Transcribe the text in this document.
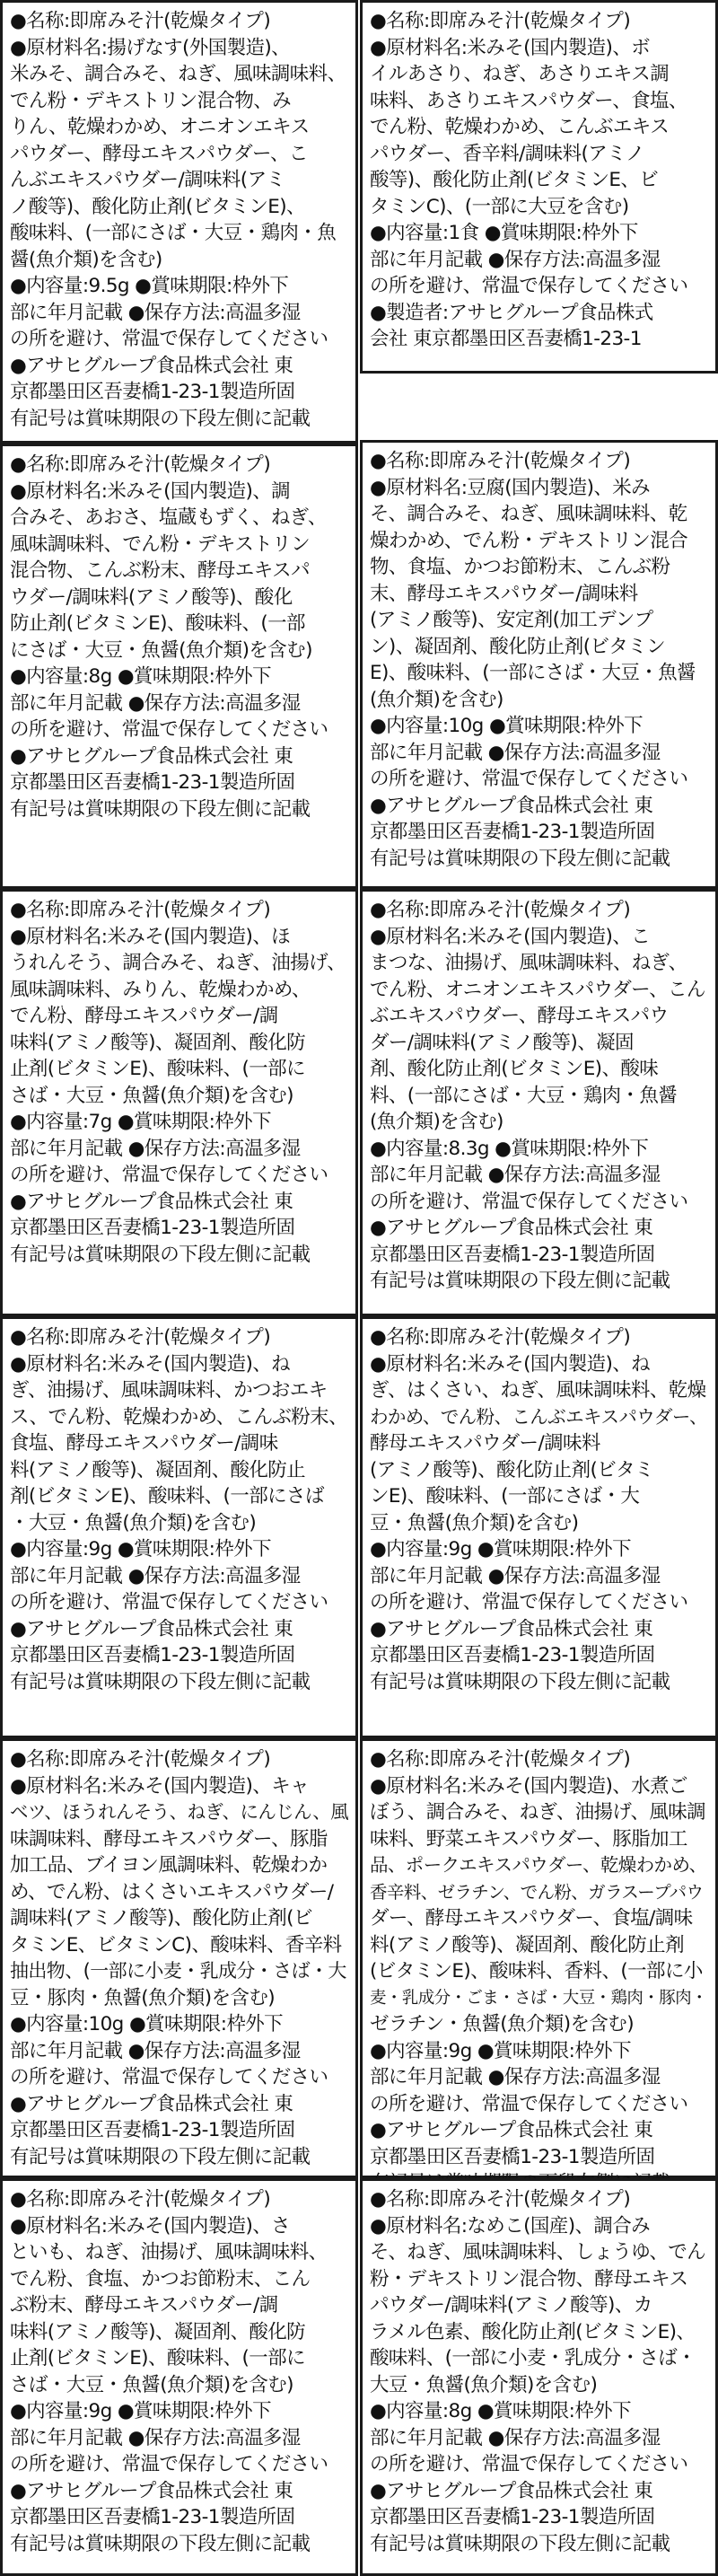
●名称:即席みそ汁(乾燥タイプ)
●原材料名:揚げなす(外国製造)、
米みそ、調合みそ、ねぎ、風味調味料、
でん粉・デキストリン混合物、み
りん、乾燥わかめ、オニオンエキス
パウダー、酵母エキスパウダー、こ
んぶエキスパウダー/調味料(アミ
ノ酸等)、酸化防止剤(ビタミンE)、
酸味料、(一部にさば・大豆・鶏肉・魚
醤(魚介類)を含む)
●内容量:9.5g ●賞味期限:枠外下
部に年月記載 ●保存方法:高温多湿
の所を避け、常温で保存してください
●アサヒグループ食品株式会社 東
京都墨田区吾妻橋1-23-1製造所固
有記号は賞味期限の下段左側に記載
●名称:即席みそ汁(乾燥タイプ)
●原材料名:米みそ(国内製造)、調
合みそ、あおさ、塩蔵もずく、ねぎ、
風味調味料、でん粉・デキストリン
混合物、こんぶ粉末、酵母エキスパ
ウダー/調味料(アミノ酸等)、酸化
防止剤(ビタミンE)、酸味料、(一部
にさば・大豆・魚醤(魚介類)を含む)
●内容量:8g ●賞味期限:枠外下
部に年月記載 ●保存方法:高温多湿
の所を避け、常温で保存してください
●アサヒグループ食品株式会社 東
京都墨田区吾妻橋1-23-1製造所固
有記号は賞味期限の下段左側に記載
●名称:即席みそ汁(乾燥タイプ)
●原材料名:米みそ(国内製造)、ほ
うれんそう、調合みそ、ねぎ、油揚げ、
風味調味料、みりん、乾燥わかめ、
でん粉、酵母エキスパウダー/調
味料(アミノ酸等)、凝固剤、酸化防
止剤(ビタミンE)、酸味料、(一部に
さば・大豆・魚醤(魚介類)を含む)
●内容量:7g ●賞味期限:枠外下
部に年月記載 ●保存方法:高温多湿
の所を避け、常温で保存してください
●アサヒグループ食品株式会社 東
京都墨田区吾妻橋1-23-1製造所固
有記号は賞味期限の下段左側に記載
●名称:即席みそ汁(乾燥タイプ)
●原材料名:米みそ(国内製造)、ね
ぎ、油揚げ、風味調味料、かつおエキ
ス、でん粉、乾燥わかめ、こんぶ粉末、
食塩、酵母エキスパウダー/調味
料(アミノ酸等)、凝固剤、酸化防止
剤(ビタミンE)、酸味料、(一部にさば
・大豆・魚醤(魚介類)を含む)
●内容量:9g ●賞味期限:枠外下
部に年月記載 ●保存方法:高温多湿
の所を避け、常温で保存してください
●アサヒグループ食品株式会社 東
京都墨田区吾妻橋1-23-1製造所固
有記号は賞味期限の下段左側に記載
●名称:即席みそ汁(乾燥タイプ)
●原材料名:米みそ(国内製造)、キャ
ベツ、ほうれんそう、ねぎ、にんじん、風
味調味料、酵母エキスパウダー、豚脂
加工品、ブイヨン風調味料、乾燥わか
め、でん粉、はくさいエキスパウダー/
調味料(アミノ酸等)、酸化防止剤(ビ
タミンE、ビタミンC)、酸味料、香辛料
抽出物、(一部に小麦・乳成分・さば・大
豆・豚肉・魚醤(魚介類)を含む)
●内容量:10g ●賞味期限:枠外下
部に年月記載 ●保存方法:高温多湿
の所を避け、常温で保存してください
●アサヒグループ食品株式会社 東
京都墨田区吾妻橋1-23-1製造所固
有記号は賞味期限の下段左側に記載
●名称:即席みそ汁(乾燥タイプ)
●原材料名:米みそ(国内製造)、さ
といも、ねぎ、油揚げ、風味調味料、
でん粉、食塩、かつお節粉末、こん
ぶ粉末、酵母エキスパウダー/調
味料(アミノ酸等)、凝固剤、酸化防
止剤(ビタミンE)、酸味料、(一部に
さば・大豆・魚醤(魚介類)を含む)
●内容量:9g ●賞味期限:枠外下
部に年月記載 ●保存方法:高温多湿
の所を避け、常温で保存してください
●アサヒグループ食品株式会社 東
京都墨田区吾妻橋1-23-1製造所固
有記号は賞味期限の下段左側に記載
●名称:即席みそ汁(乾燥タイプ)
●原材料名:米みそ(国内製造)、ボ
イルあさり、ねぎ、あさりエキス調
味料、あさりエキスパウダー、食塩、
でん粉、乾燥わかめ、こんぶエキス
パウダー、香辛料/調味料(アミノ
酸等)、酸化防止剤(ビタミンE、ビ
タミンC)、(一部に大豆を含む)
●内容量:1食 ●賞味期限:枠外下
部に年月記載 ●保存方法:高温多湿
の所を避け、常温で保存してください
●製造者:アサヒグループ食品株式
会社 東京都墨田区吾妻橋1-23-1
●名称:即席みそ汁(乾燥タイプ)
●原材料名:豆腐(国内製造)、米み
そ、調合みそ、ねぎ、風味調味料、乾
燥わかめ、でん粉・デキストリン混合
物、食塩、かつお節粉末、こんぶ粉
末、酵母エキスパウダー/調味料
(アミノ酸等)、安定剤(加工デンプ
ン)、凝固剤、酸化防止剤(ビタミン
E)、酸味料、(一部にさば・大豆・魚醤
(魚介類)を含む)
●内容量:10g ●賞味期限:枠外下
部に年月記載 ●保存方法:高温多湿
の所を避け、常温で保存してください
●アサヒグループ食品株式会社 東
京都墨田区吾妻橋1-23-1製造所固
有記号は賞味期限の下段左側に記載
●名称:即席みそ汁(乾燥タイプ)
●原材料名:米みそ(国内製造)、こ
まつな、油揚げ、風味調味料、ねぎ、
でん粉、オニオンエキスパウダー、こん
ぶエキスパウダー、酵母エキスパウ
ダー/調味料(アミノ酸等)、凝固
剤、酸化防止剤(ビタミンE)、酸味
料、(一部にさば・大豆・鶏肉・魚醤
(魚介類)を含む)
●内容量:8.3g ●賞味期限:枠外下
部に年月記載 ●保存方法:高温多湿
の所を避け、常温で保存してください
●アサヒグループ食品株式会社 東
京都墨田区吾妻橋1-23-1製造所固
有記号は賞味期限の下段左側に記載
●名称:即席みそ汁(乾燥タイプ)
●原材料名:米みそ(国内製造)、ね
ぎ、はくさい、ねぎ、風味調味料、乾燥
わかめ、でん粉、こんぶエキスパウダー、
酵母エキスパウダー/調味料
(アミノ酸等)、酸化防止剤(ビタミ
ンE)、酸味料、(一部にさば・大
豆・魚醤(魚介類)を含む)
●内容量:9g ●賞味期限:枠外下
部に年月記載 ●保存方法:高温多湿
の所を避け、常温で保存してください
●アサヒグループ食品株式会社 東
京都墨田区吾妻橋1-23-1製造所固
有記号は賞味期限の下段左側に記載
●名称:即席みそ汁(乾燥タイプ)
●原材料名:米みそ(国内製造)、水煮ご
ぼう、調合みそ、ねぎ、油揚げ、風味調
味料、野菜エキスパウダー、豚脂加工
品、ポークエキスパウダー、乾燥わかめ、
香辛料、ゼラチン、でん粉、ガラスープパウ
ダー、酵母エキスパウダー、食塩/調味
料(アミノ酸等)、凝固剤、酸化防止剤
(ビタミンE)、酸味料、香料、(一部に小
麦・乳成分・ごま・さば・大豆・鶏肉・豚肉・
ゼラチン・魚醤(魚介類)を含む)
●内容量:9g ●賞味期限:枠外下
部に年月記載 ●保存方法:高温多湿
の所を避け、常温で保存してください
●アサヒグループ食品株式会社 東
京都墨田区吾妻橋1-23-1製造所固
●名称:即席みそ汁(乾燥タイプ)
●原材料名:なめこ(国産)、調合み
そ、ねぎ、風味調味料、しょうゆ、でん
粉・デキストリン混合物、酵母エキス
パウダー/調味料(アミノ酸等)、カ
ラメル色素、酸化防止剤(ビタミンE)、
酸味料、(一部に小麦・乳成分・さば・
大豆・魚醤(魚介類)を含む)
●内容量:8g ●賞味期限:枠外下
部に年月記載 ●保存方法:高温多湿
の所を避け、常温で保存してください
●アサヒグループ食品株式会社 東
京都墨田区吾妻橋1-23-1製造所固
有記号は賞味期限の下段左側に記載
